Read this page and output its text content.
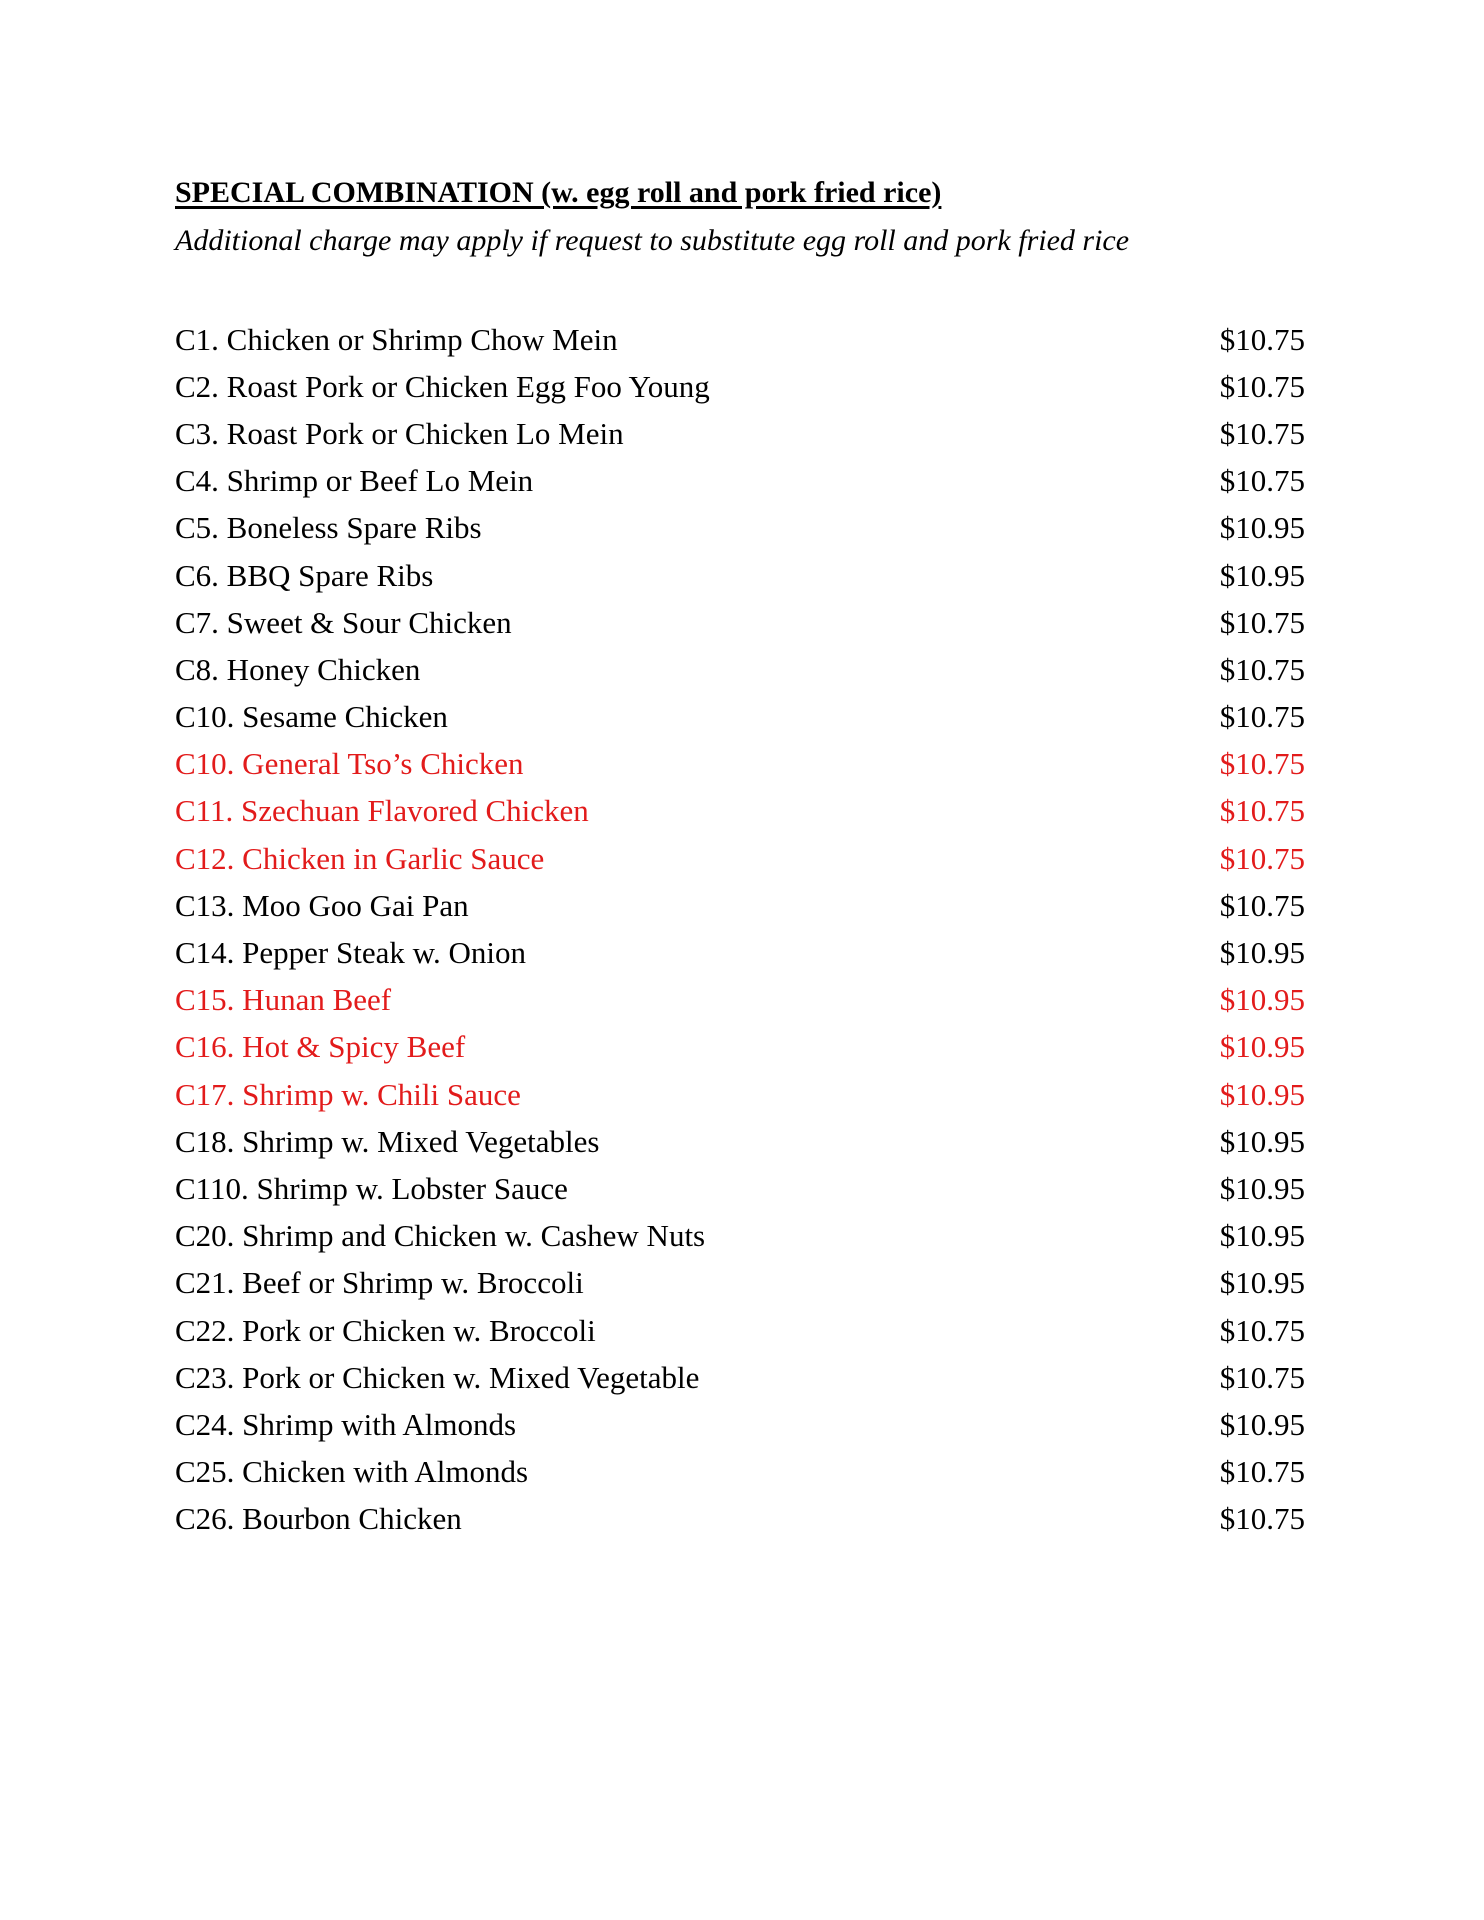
SPECIAL COMBINATION (w. egg roll and pork fried rice)
Additional charge may apply if request to substitute egg roll and pork fried rice
C1. Chicken or Shrimp Chow Mein	$10.75
C2. Roast Pork or Chicken Egg Foo Young	$10.75
C3. Roast Pork or Chicken Lo Mein	$10.75
C4. Shrimp or Beef Lo Mein	$10.75
C5. Boneless Spare Ribs	$10.95
C6. BBQ Spare Ribs	$10.95
C7. Sweet & Sour Chicken	$10.75
C8. Honey Chicken	$10.75
C10. Sesame Chicken	$10.75
C10. General Tso’s Chicken	$10.75
C11. Szechuan Flavored Chicken	$10.75
C12. Chicken in Garlic Sauce	$10.75
C13. Moo Goo Gai Pan	$10.75
C14. Pepper Steak w. Onion	$10.95
C15. Hunan Beef	$10.95
C16. Hot & Spicy Beef	$10.95
C17. Shrimp w. Chili Sauce	$10.95
C18. Shrimp w. Mixed Vegetables	$10.95
C110. Shrimp w. Lobster Sauce	$10.95
C20. Shrimp and Chicken w. Cashew Nuts	$10.95
C21. Beef or Shrimp w. Broccoli	$10.95
C22. Pork or Chicken w. Broccoli	$10.75
C23. Pork or Chicken w. Mixed Vegetable	$10.75
C24. Shrimp with Almonds	$10.95
C25. Chicken with Almonds	$10.75
C26. Bourbon Chicken	$10.75
